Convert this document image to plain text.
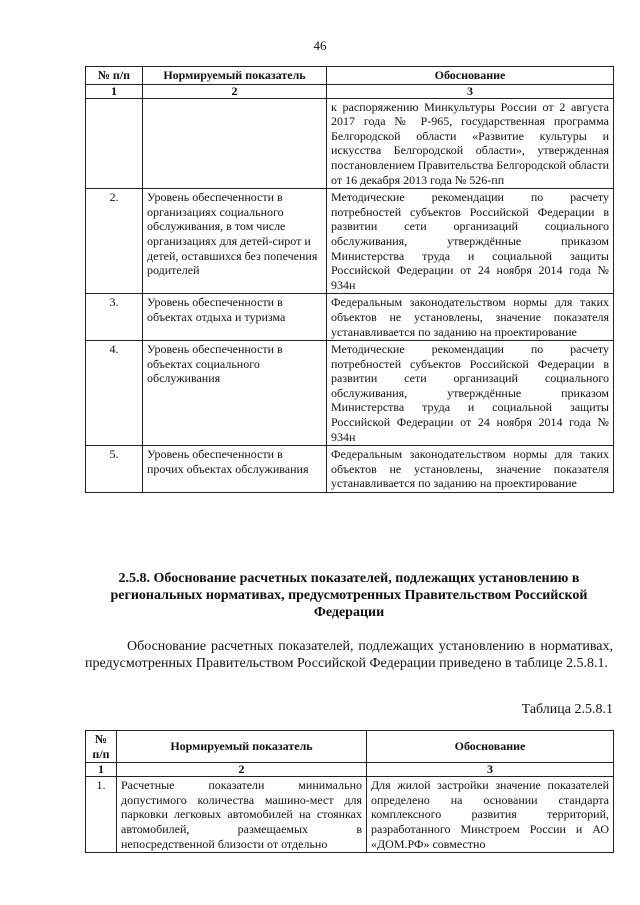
46
№ п/п	Нормируемый показатель	Обоснование
1	2	3
		к распоряжению Минкультуры России от 2 августа 2017 года № Р-965, государственная программа Белгородской области «Развитие культуры и искусства Белгородской области», утвержденная постановлением Правительства Белгородской области от 16 декабря 2013 года № 526-пп
2.	Уровень обеспеченности в организациях социального обслуживания, в том числе организациях для детей-сирот и детей, оставшихся без попечения родителей	Методические рекомендации по расчету потребностей субъектов Российской Федерации в развитии сети организаций социального обслуживания, утверждённые приказом Министерства труда и социальной защиты Российской Федерации от 24 ноября 2014 года № 934н
3.	Уровень обеспеченности в объектах отдыха и туризма	Федеральным законодательством нормы для таких объектов не установлены, значение показателя устанавливается по заданию на проектирование
4.	Уровень обеспеченности в объектах социального обслуживания	Методические рекомендации по расчету потребностей субъектов Российской Федерации в развитии сети организаций социального обслуживания, утверждённые приказом Министерства труда и социальной защиты Российской Федерации от 24 ноября 2014 года № 934н
5.	Уровень обеспеченности в прочих объектах обслуживания	Федеральным законодательством нормы для таких объектов не установлены, значение показателя устанавливается по заданию на проектирование
2.5.8. Обоснование расчетных показателей, подлежащих установлению в региональных нормативах, предусмотренных Правительством Российской Федерации
Обоснование расчетных показателей, подлежащих установлению в нормативах, предусмотренных Правительством Российской Федерации приведено в таблице 2.5.8.1.
Таблица 2.5.8.1
№ п/п	Нормируемый показатель	Обоснование
1	2	3
1.	Расчетные показатели минимально допустимого количества машино-мест для парковки легковых автомобилей на стоянках автомобилей, размещаемых в непосредственной близости от отдельно	Для жилой застройки значение показателей определено на основании стандарта комплексного развития территорий, разработанного Минстроем России и АО «ДОМ.РФ» совместно
